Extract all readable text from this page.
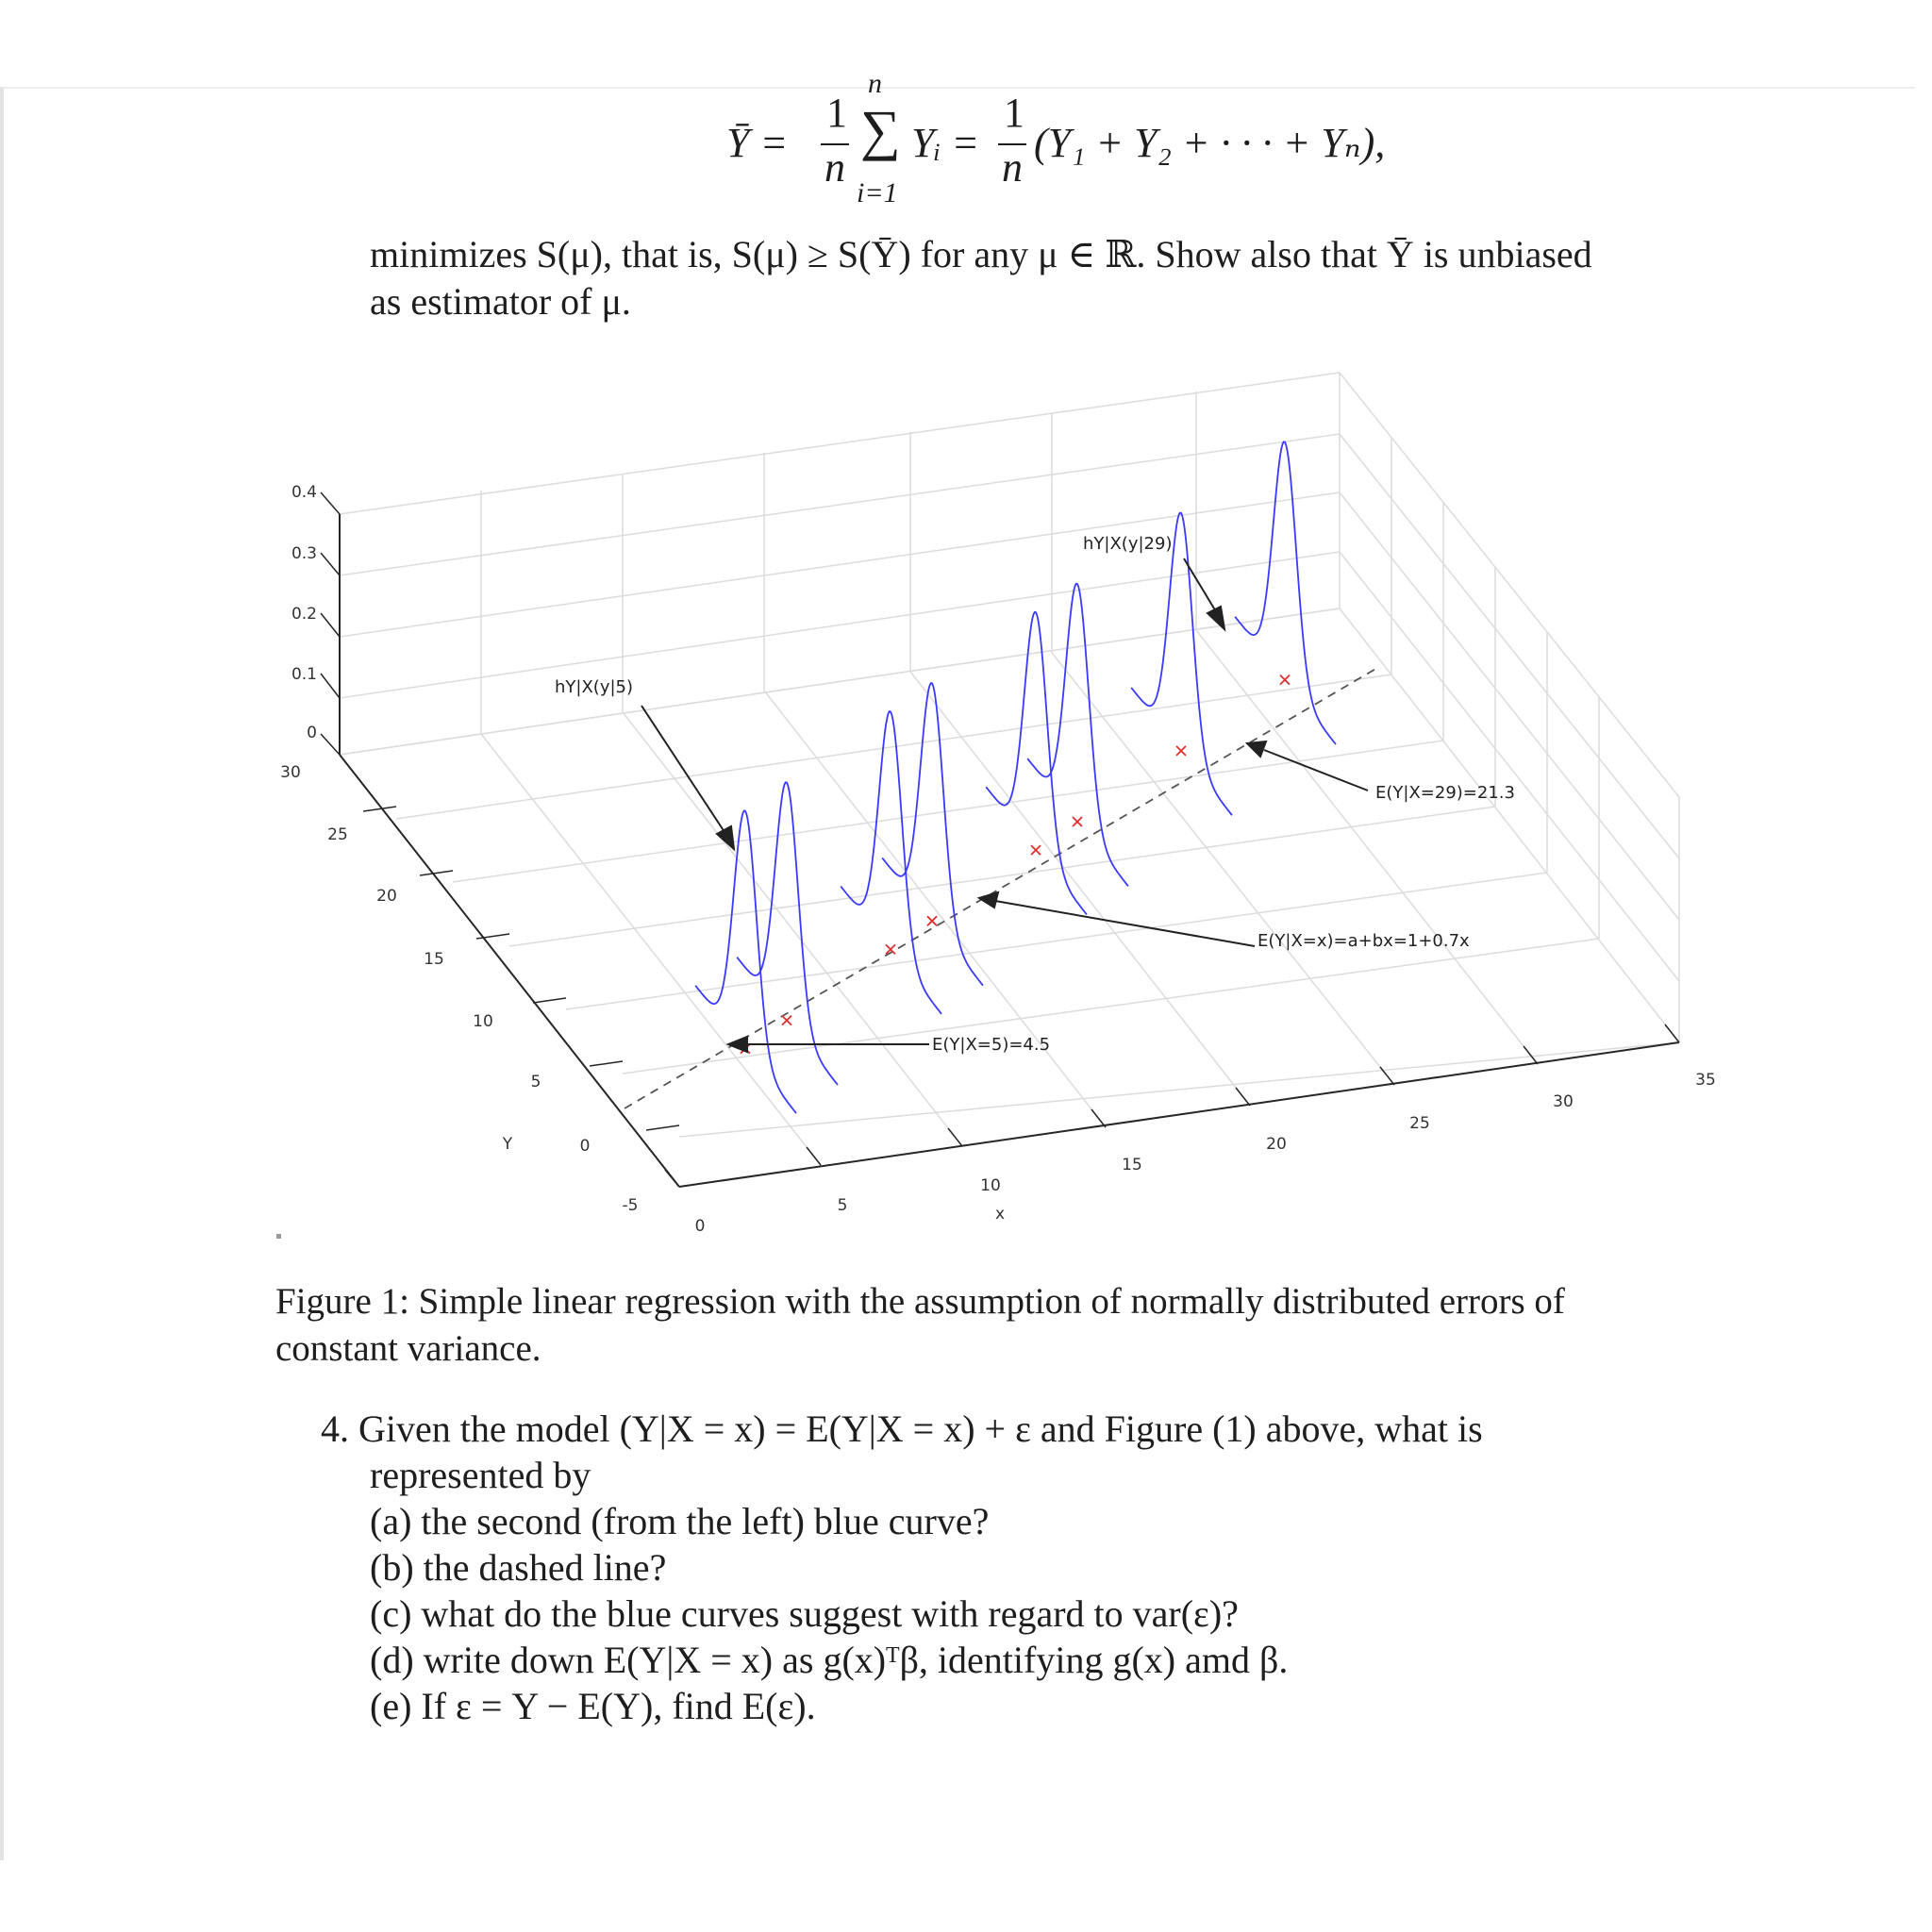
Ȳ =
1
n
n
∑
i=1
Yᵢ =
1
n
(Y₁ + Y₂ + · · · + Yₙ),
minimizes S(μ), that is, S(μ) ≥ S(Ȳ) for any μ ∈ ℝ. Show also that Ȳ is unbiased
as estimator of μ.
0.4
0.3
0.2
0.1
0
30
25
20
15
10
5
0
-5
Y
0
5
10
15
20
25
30
35
x
hY|X(y|5)
hY|X(y|29)
E(Y|X=29)=21.3
E(Y|X=x)=a+bx=1+0.7x
E(Y|X=5)=4.5
Figure 1: Simple linear regression with the assumption of normally distributed errors of
constant variance.
4. Given the model (Y|X = x) = E(Y|X = x) + ε and Figure (1) above, what is
represented by
(a) the second (from the left) blue curve?
(b) the dashed line?
(c) what do the blue curves suggest with regard to var(ε)?
(d) write down E(Y|X = x) as g(x)ᵀβ, identifying g(x) amd β.
(e) If ε = Y − E(Y), find E(ε).
